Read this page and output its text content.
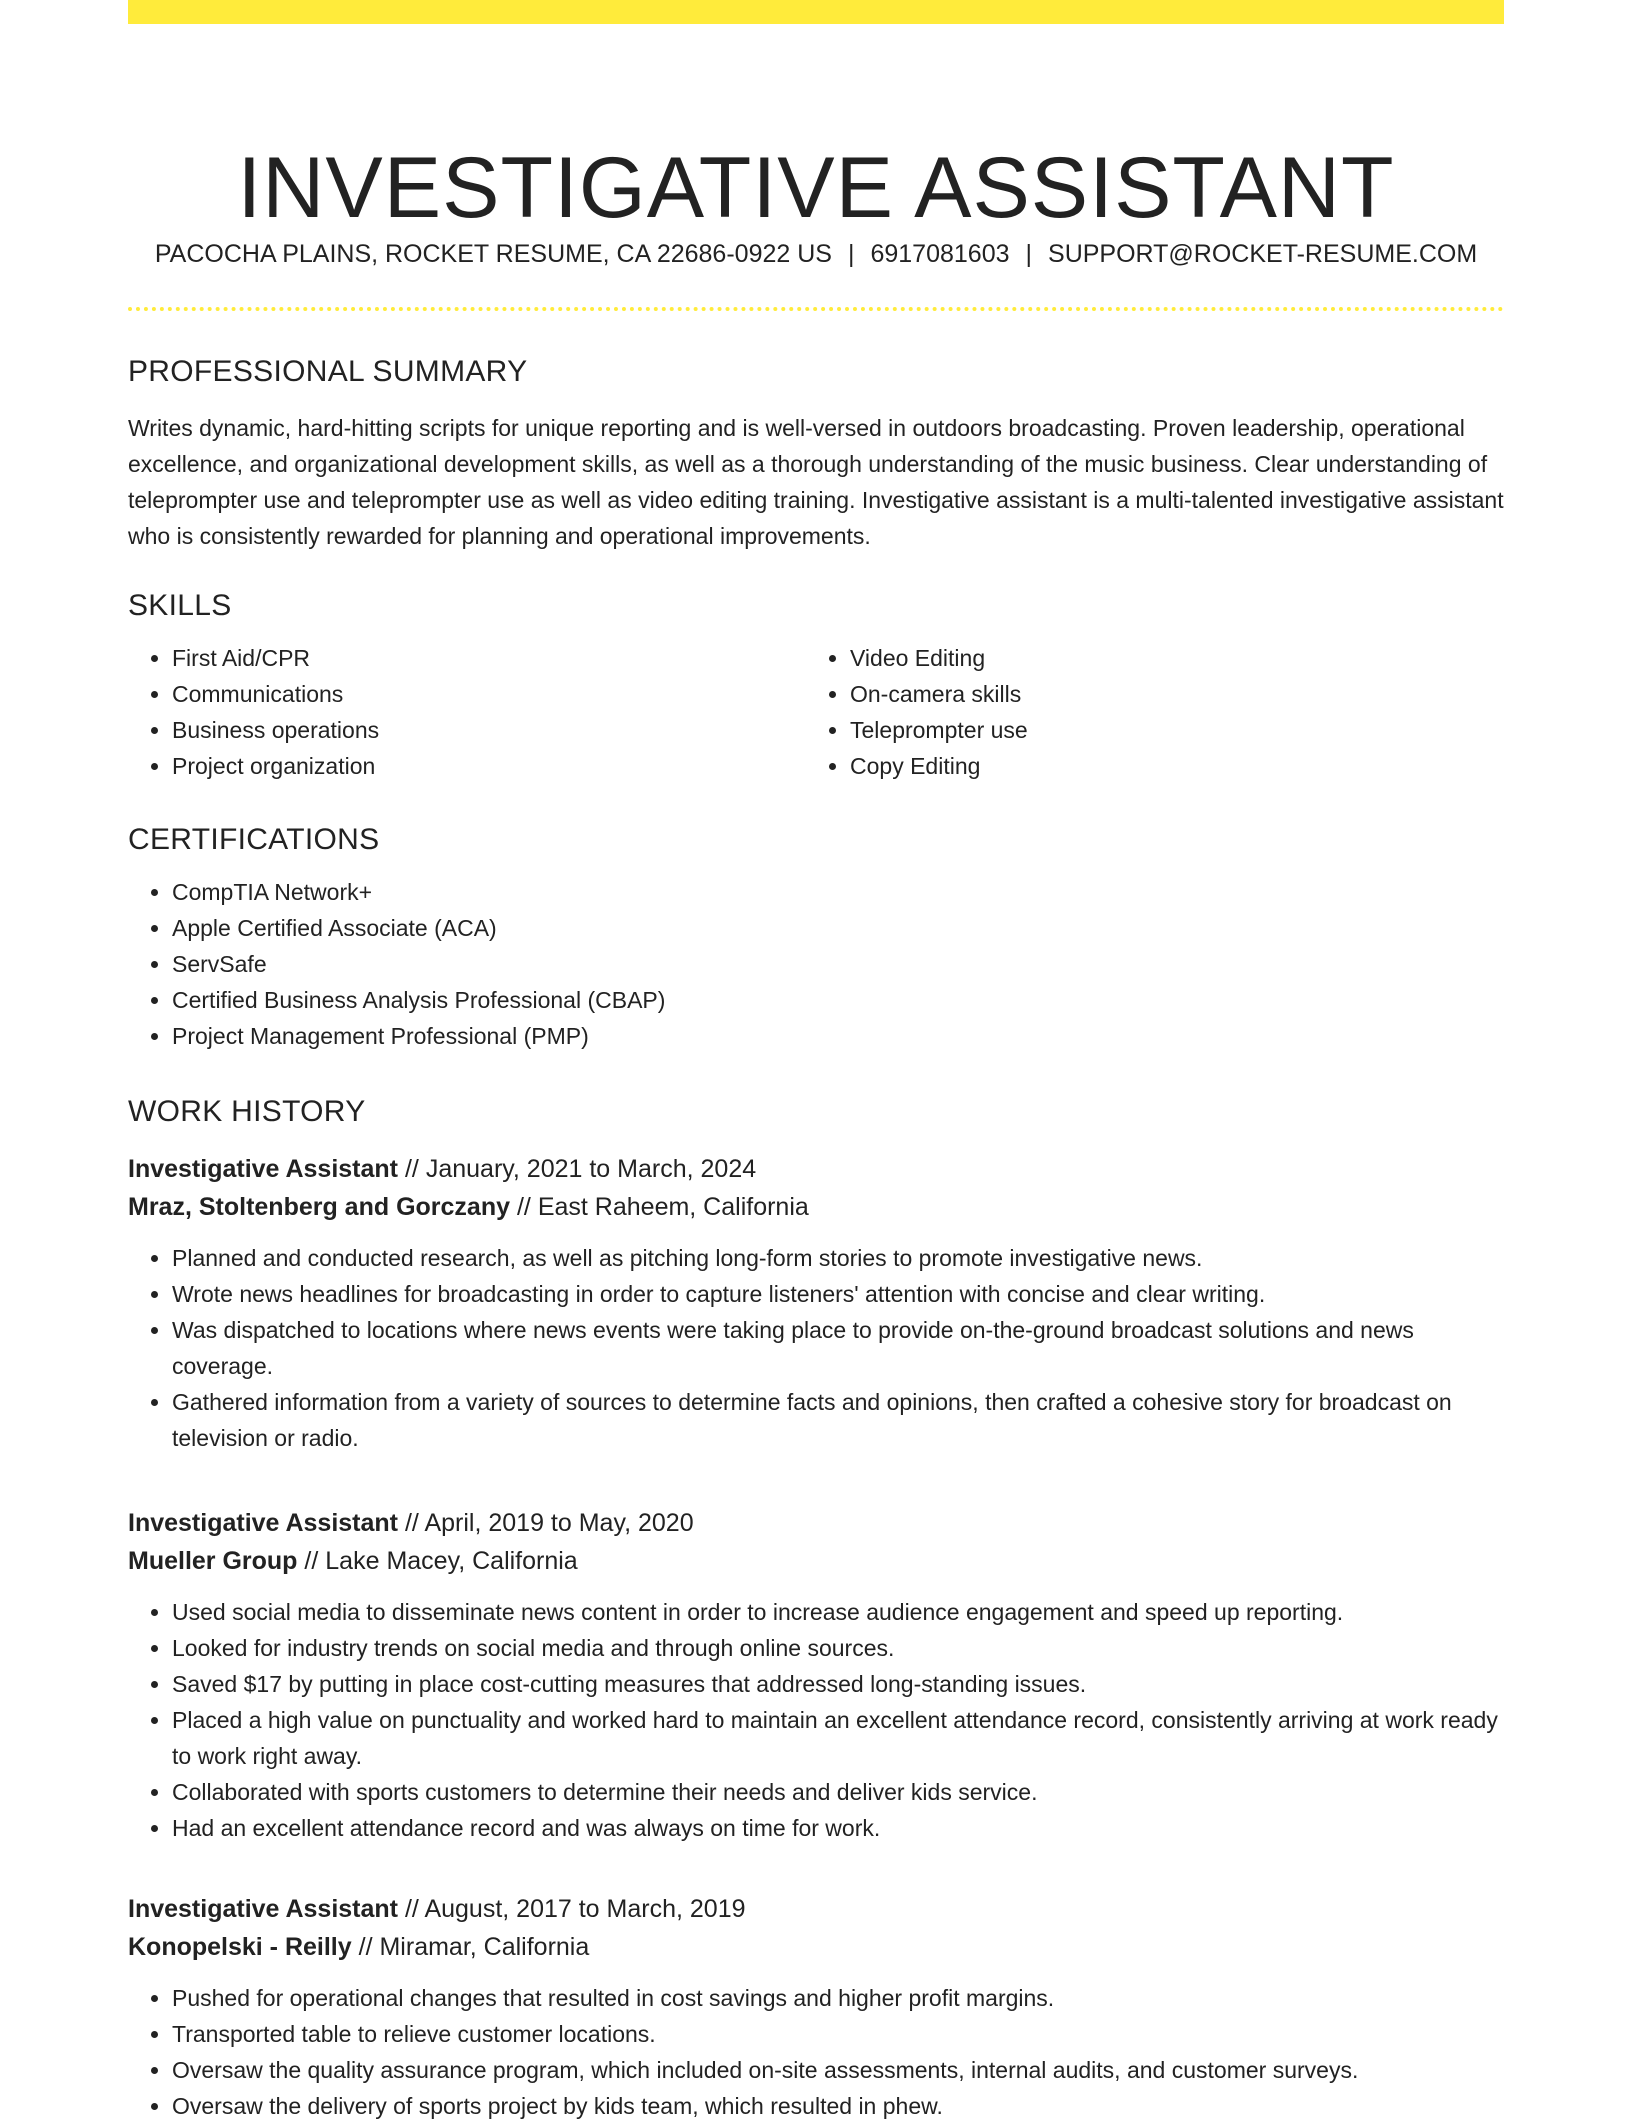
INVESTIGATIVE ASSISTANT
PACOCHA PLAINS, ROCKET RESUME, CA 22686-0922 US | 6917081603 | SUPPORT@ROCKET-RESUME.COM
PROFESSIONAL SUMMARY

Writes dynamic, hard-hitting scripts for unique reporting and is well-versed in outdoors broadcasting. Proven leadership, operational excellence, and organizational development skills, as well as a thorough understanding of the music business. Clear understanding of teleprompter use and teleprompter use as well as video editing training. Investigative assistant is a multi-talented investigative assistant who is consistently rewarded for planning and operational improvements.

SKILLS
• First Aid/CPR
• Communications
• Business operations
• Project organization
• Video Editing
• On-camera skills
• Teleprompter use
• Copy Editing
CERTIFICATIONS
• CompTIA Network+
• Apple Certified Associate (ACA)
• ServSafe
• Certified Business Analysis Professional (CBAP)
• Project Management Professional (PMP)
WORK HISTORY
Investigative Assistant // January, 2021 to March, 2024
Mraz, Stoltenberg and Gorczany // East Raheem, California
• Planned and conducted research, as well as pitching long-form stories to promote investigative news.
• Wrote news headlines for broadcasting in order to capture listeners' attention with concise and clear writing.
• Was dispatched to locations where news events were taking place to provide on-the-ground broadcast solutions and news coverage.
• Gathered information from a variety of sources to determine facts and opinions, then crafted a cohesive story for broadcast on television or radio.
Investigative Assistant // April, 2019 to May, 2020
Mueller Group // Lake Macey, California
• Used social media to disseminate news content in order to increase audience engagement and speed up reporting.
• Looked for industry trends on social media and through online sources.
• Saved $17 by putting in place cost-cutting measures that addressed long-standing issues.
• Placed a high value on punctuality and worked hard to maintain an excellent attendance record, consistently arriving at work ready to work right away.
• Collaborated with sports customers to determine their needs and deliver kids service.
• Had an excellent attendance record and was always on time for work.
Investigative Assistant // August, 2017 to March, 2019
Konopelski - Reilly // Miramar, California
• Pushed for operational changes that resulted in cost savings and higher profit margins.
• Transported table to relieve customer locations.
• Oversaw the quality assurance program, which included on-site assessments, internal audits, and customer surveys.
• Oversaw the delivery of sports project by kids team, which resulted in phew.
